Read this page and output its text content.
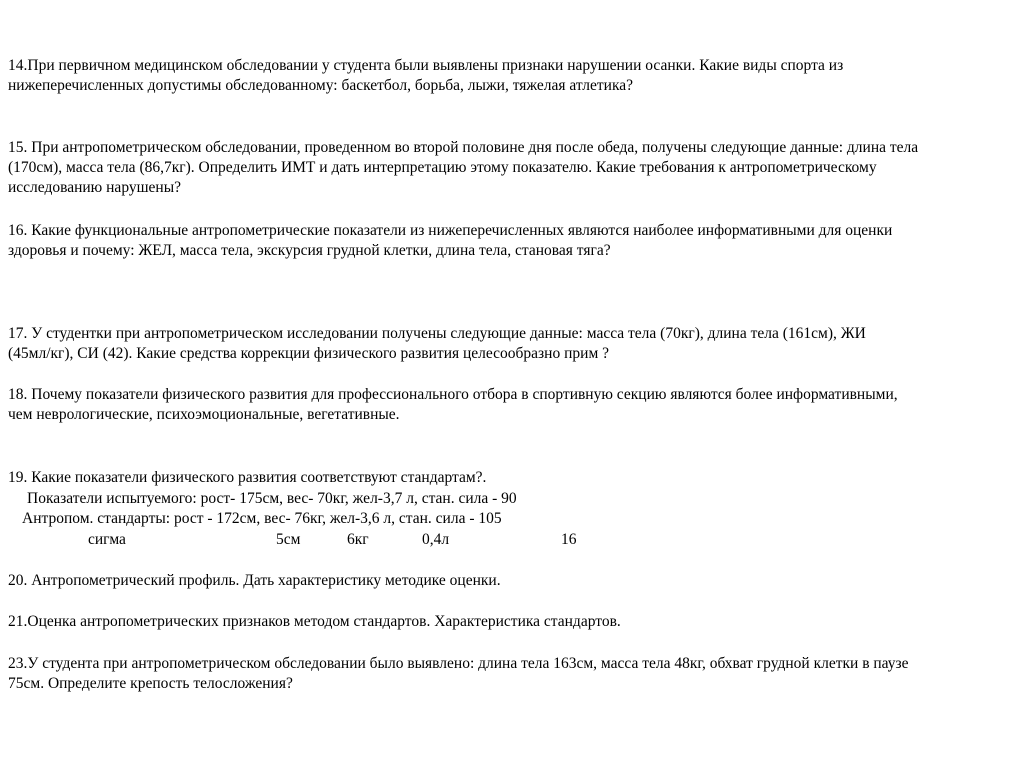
14.При первичном медицинском обследовании у студента были выявлены признаки нарушении осанки. Какие виды спорта из

нижеперечисленных допустимы обследованному: баскетбол, борьба, лыжи, тяжелая атлетика?

15. При антропометрическом обследовании, проведенном во второй половине дня после обеда, получены следующие данные: длина тела

(170см), масса тела (86,7кг). Определить ИМТ и дать интерпретацию этому показателю. Какие требования к антропометрическому

исследованию нарушены?

16. Какие функциональные антропометрические показатели из нижеперечисленных являются наиболее информативными для оценки

здоровья и почему: ЖЕЛ, масса тела, экскурсия грудной клетки, длина тела, становая тяга?

17. У студентки при антропометрическом исследовании получены следующие данные: масса тела (70кг), длина тела (161см), ЖИ

(45мл/кг), СИ (42). Какие средства коррекции физического развития целесообразно прим ?

18. Почему показатели физического развития для профессионального отбора в спортивную секцию являются более информативными,

чем неврологические, психоэмоциональные, вегетативные.

19. Какие показатели физического развития соответствуют стандартам?.

Показатели испытуемого: рост- 175см, вес- 70кг, жел-3,7 л, стан. сила - 90

Антропом. стандарты: рост - 172см, вес- 76кг, жел-3,6 л, стан. сила - 105

сигма	5см	6кг	0,4л	16

20. Антропометрический профиль. Дать характеристику методике оценки.

21.Оценка антропометрических признаков методом стандартов. Характеристика стандартов.

23.У студента при антропометрическом обследовании было выявлено: длина тела 163см, масса тела 48кг, обхват грудной клетки в паузе

75см. Определите крепость телосложения?
